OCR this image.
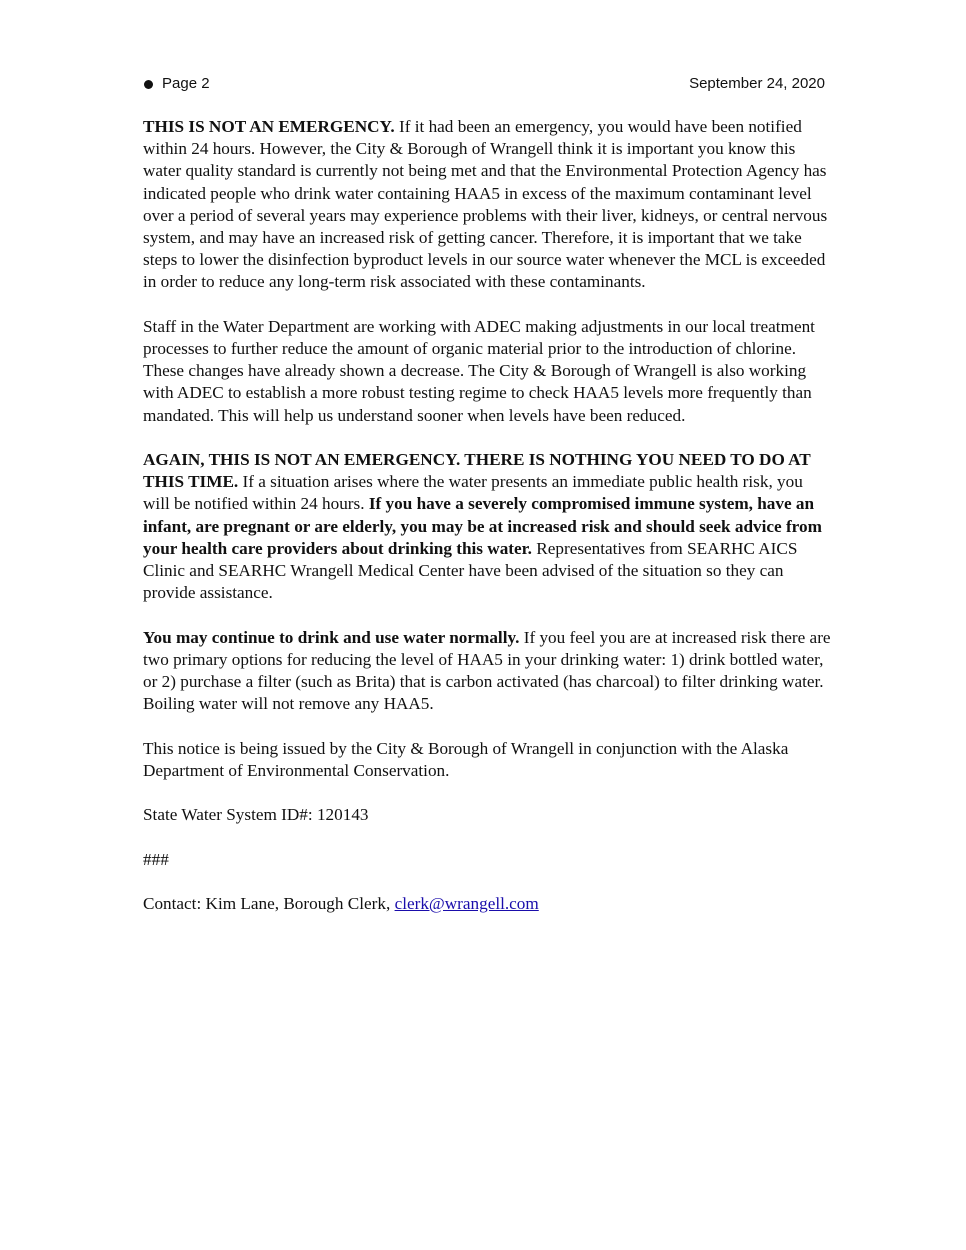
Page 2	September 24, 2020

THIS IS NOT AN EMERGENCY. If it had been an emergency, you would have been notified within 24 hours. However, the City & Borough of Wrangell think it is important you know this water quality standard is currently not being met and that the Environmental Protection Agency has indicated people who drink water containing HAA5 in excess of the maximum contaminant level over a period of several years may experience problems with their liver, kidneys, or central nervous system, and may have an increased risk of getting cancer. Therefore, it is important that we take steps to lower the disinfection byproduct levels in our source water whenever the MCL is exceeded in order to reduce any long-term risk associated with these contaminants.

Staff in the Water Department are working with ADEC making adjustments in our local treatment processes to further reduce the amount of organic material prior to the introduction of chlorine. These changes have already shown a decrease. The City & Borough of Wrangell is also working with ADEC to establish a more robust testing regime to check HAA5 levels more frequently than mandated. This will help us understand sooner when levels have been reduced.

AGAIN, THIS IS NOT AN EMERGENCY. THERE IS NOTHING YOU NEED TO DO AT THIS TIME. If a situation arises where the water presents an immediate public health risk, you will be notified within 24 hours. If you have a severely compromised immune system, have an infant, are pregnant or are elderly, you may be at increased risk and should seek advice from your health care providers about drinking this water. Representatives from SEARHC AICS Clinic and SEARHC Wrangell Medical Center have been advised of the situation so they can provide assistance.

You may continue to drink and use water normally. If you feel you are at increased risk there are two primary options for reducing the level of HAA5 in your drinking water: 1) drink bottled water, or 2) purchase a filter (such as Brita) that is carbon activated (has charcoal) to filter drinking water. Boiling water will not remove any HAA5.

This notice is being issued by the City & Borough of Wrangell in conjunction with the Alaska Department of Environmental Conservation.

State Water System ID#: 120143

###

Contact: Kim Lane, Borough Clerk, clerk@wrangell.com
